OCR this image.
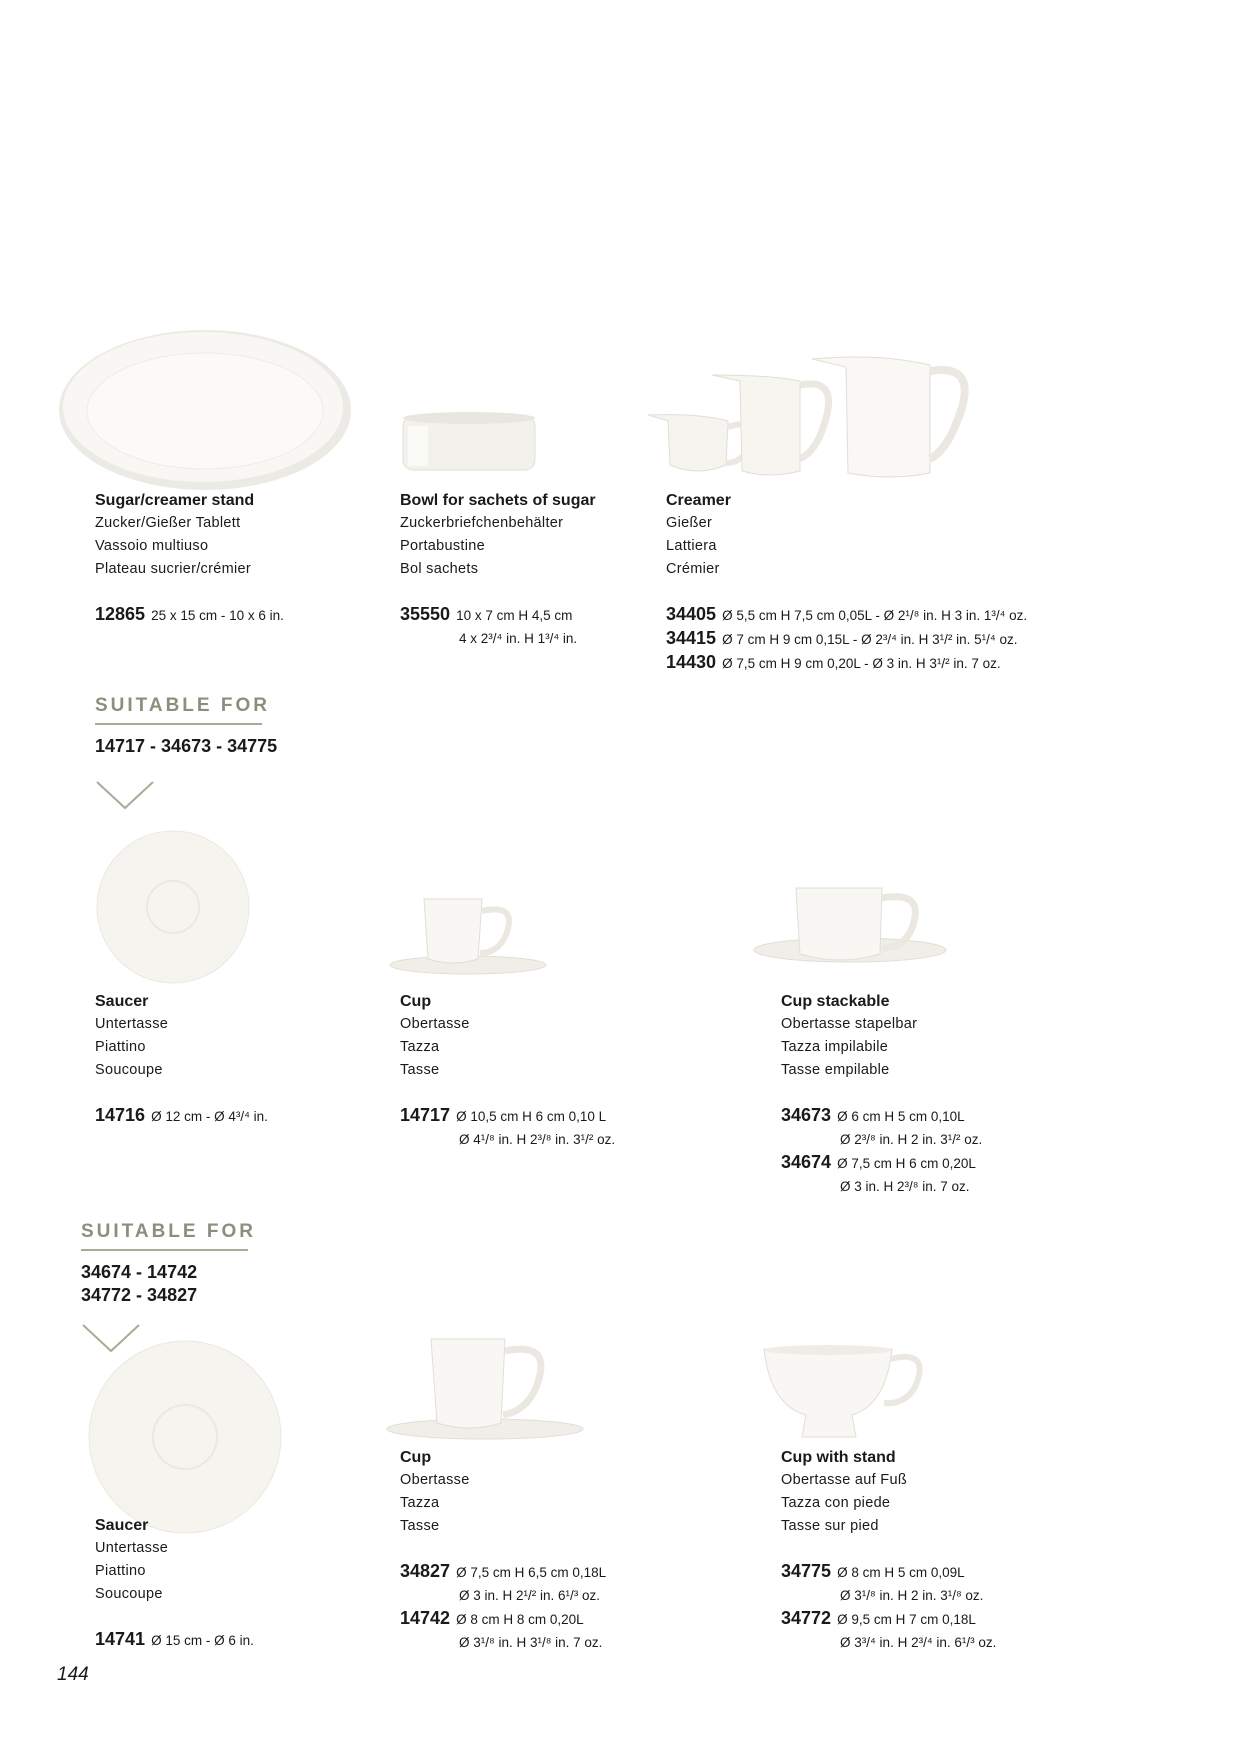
Sugar/creamer stand
Zucker/Gießer Tablett
Vassoio multiuso
Plateau sucrier/crémier
12865 25 x 15 cm - 10 x 6 in.
Bowl for sachets of sugar
Zuckerbriefchenbehälter
Portabustine
Bol sachets
35550 10 x 7 cm H 4,5 cm
4 x 2³/⁴ in. H 1³/⁴ in.
Creamer
Gießer
Lattiera
Crémier
34405 Ø 5,5 cm H 7,5 cm 0,05L - Ø 2¹/⁸ in. H 3 in. 1³/⁴ oz.
34415 Ø 7 cm H 9 cm 0,15L - Ø 2³/⁴ in. H 3¹/² in. 5¹/⁴ oz.
14430 Ø 7,5 cm H 9 cm 0,20L - Ø 3 in. H 3¹/² in. 7 oz.
SUITABLE FOR
14717 - 34673 - 34775
Saucer
Untertasse
Piattino
Soucoupe
14716 Ø 12 cm - Ø 4³/⁴ in.
Cup
Obertasse
Tazza
Tasse
14717 Ø 10,5 cm H 6 cm 0,10 L
Ø 4¹/⁸ in. H 2³/⁸ in. 3¹/² oz.
Cup stackable
Obertasse stapelbar
Tazza impilabile
Tasse empilable
34673 Ø 6 cm H 5 cm 0,10L
Ø 2³/⁸ in. H 2 in. 3¹/² oz.
34674 Ø 7,5 cm H 6 cm 0,20L
Ø 3 in. H 2³/⁸ in. 7 oz.
SUITABLE FOR
34674 - 14742
34772 - 34827
Saucer
Untertasse
Piattino
Soucoupe
14741 Ø 15 cm - Ø 6 in.
Cup
Obertasse
Tazza
Tasse
34827 Ø 7,5 cm H 6,5 cm 0,18L
Ø 3 in. H 2¹/² in. 6¹/³ oz.
14742 Ø 8 cm H 8 cm 0,20L
Ø 3¹/⁸ in. H 3¹/⁸ in. 7 oz.
Cup with stand
Obertasse auf Fuß
Tazza con piede
Tasse sur pied
34775 Ø 8 cm H 5 cm 0,09L
Ø 3¹/⁸ in. H 2 in. 3¹/⁸ oz.
34772 Ø 9,5 cm H 7 cm 0,18L
Ø 3³/⁴ in. H 2³/⁴ in. 6¹/³ oz.
144
